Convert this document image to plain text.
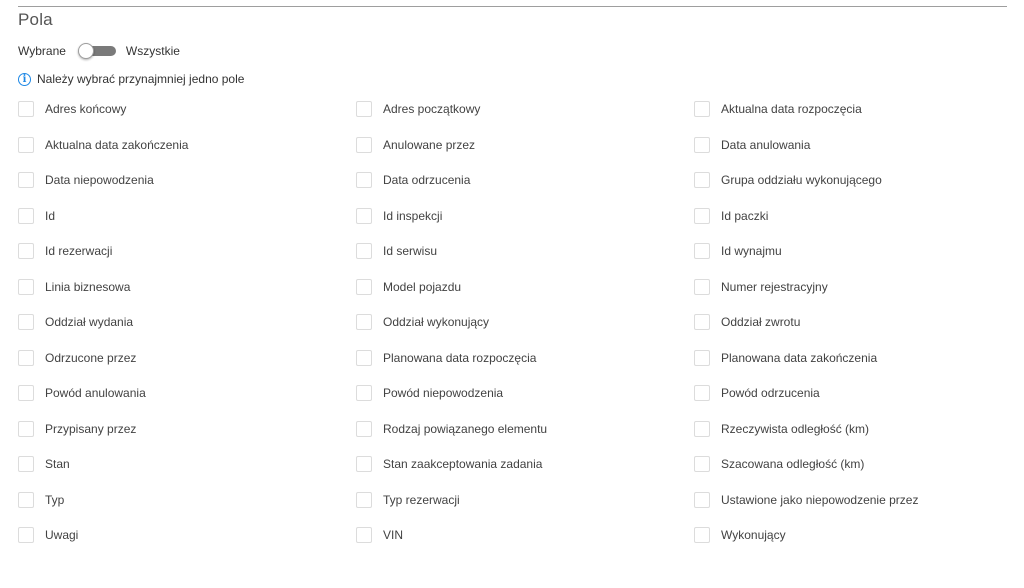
Pola
Wybrane	Wszystkie
i Należy wybrać przynajmniej jedno pole
Adres końcowy	Adres początkowy	Aktualna data rozpoczęcia
Aktualna data zakończenia	Anulowane przez	Data anulowania
Data niepowodzenia	Data odrzucenia	Grupa oddziału wykonującego
Id	Id inspekcji	Id paczki
Id rezerwacji	Id serwisu	Id wynajmu
Linia biznesowa	Model pojazdu	Numer rejestracyjny
Oddział wydania	Oddział wykonujący	Oddział zwrotu
Odrzucone przez	Planowana data rozpoczęcia	Planowana data zakończenia
Powód anulowania	Powód niepowodzenia	Powód odrzucenia
Przypisany przez	Rodzaj powiązanego elementu	Rzeczywista odległość (km)
Stan	Stan zaakceptowania zadania	Szacowana odległość (km)
Typ	Typ rezerwacji	Ustawione jako niepowodzenie przez
Uwagi	VIN	Wykonujący
